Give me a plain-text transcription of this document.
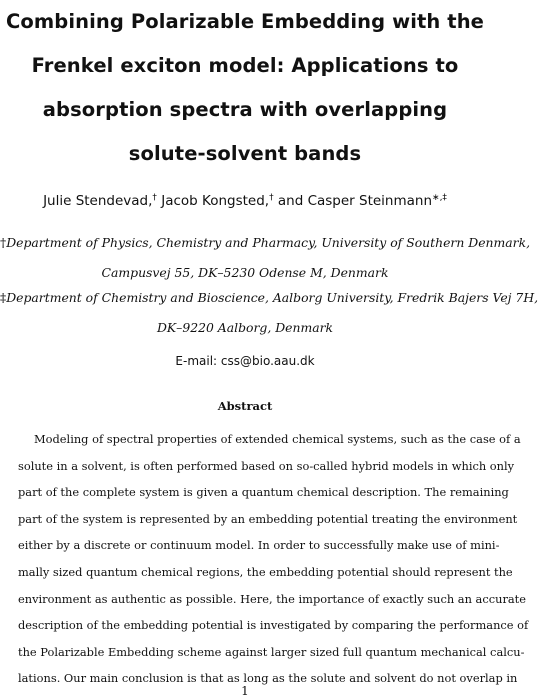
Combining Polarizable Embedding with the
Frenkel exciton model: Applications to
absorption spectra with overlapping
solute-solvent bands
Julie Stendevad,† Jacob Kongsted,† and Casper Steinmann∗,‡
†Department of Physics, Chemistry and Pharmacy, University of Southern Denmark,
Campusvej 55, DK–5230 Odense M, Denmark
‡Department of Chemistry and Bioscience, Aalborg University, Fredrik Bajers Vej 7H,
DK–9220 Aalborg, Denmark
E-mail: css@bio.aau.dk
Abstract
Modeling of spectral properties of extended chemical systems, such as the case of a
solute in a solvent, is often performed based on so-called hybrid models in which only
part of the complete system is given a quantum chemical description. The remaining
part of the system is represented by an embedding potential treating the environment
either by a discrete or continuum model. In order to successfully make use of mini-
mally sized quantum chemical regions, the embedding potential should represent the
environment as authentic as possible. Here, the importance of exactly such an accurate
description of the embedding potential is investigated by comparing the performance of
the Polarizable Embedding scheme against larger sized full quantum mechanical calcu-
lations. Our main conclusion is that as long as the solute and solvent do not overlap in
1
